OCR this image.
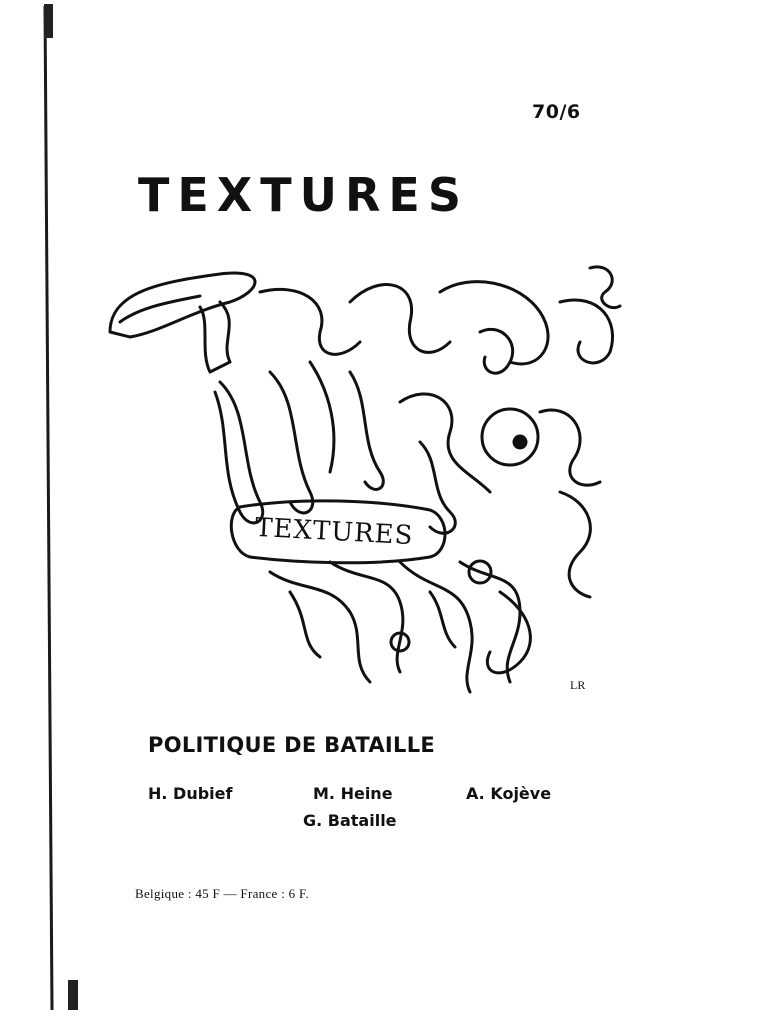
70/6
TEXTURES
TEXTURES
LR
POLITIQUE DE BATAILLE
H. Dubief	M. Heine	A. Kojève
G. Bataille
Belgique : 45 F — France : 6 F.
